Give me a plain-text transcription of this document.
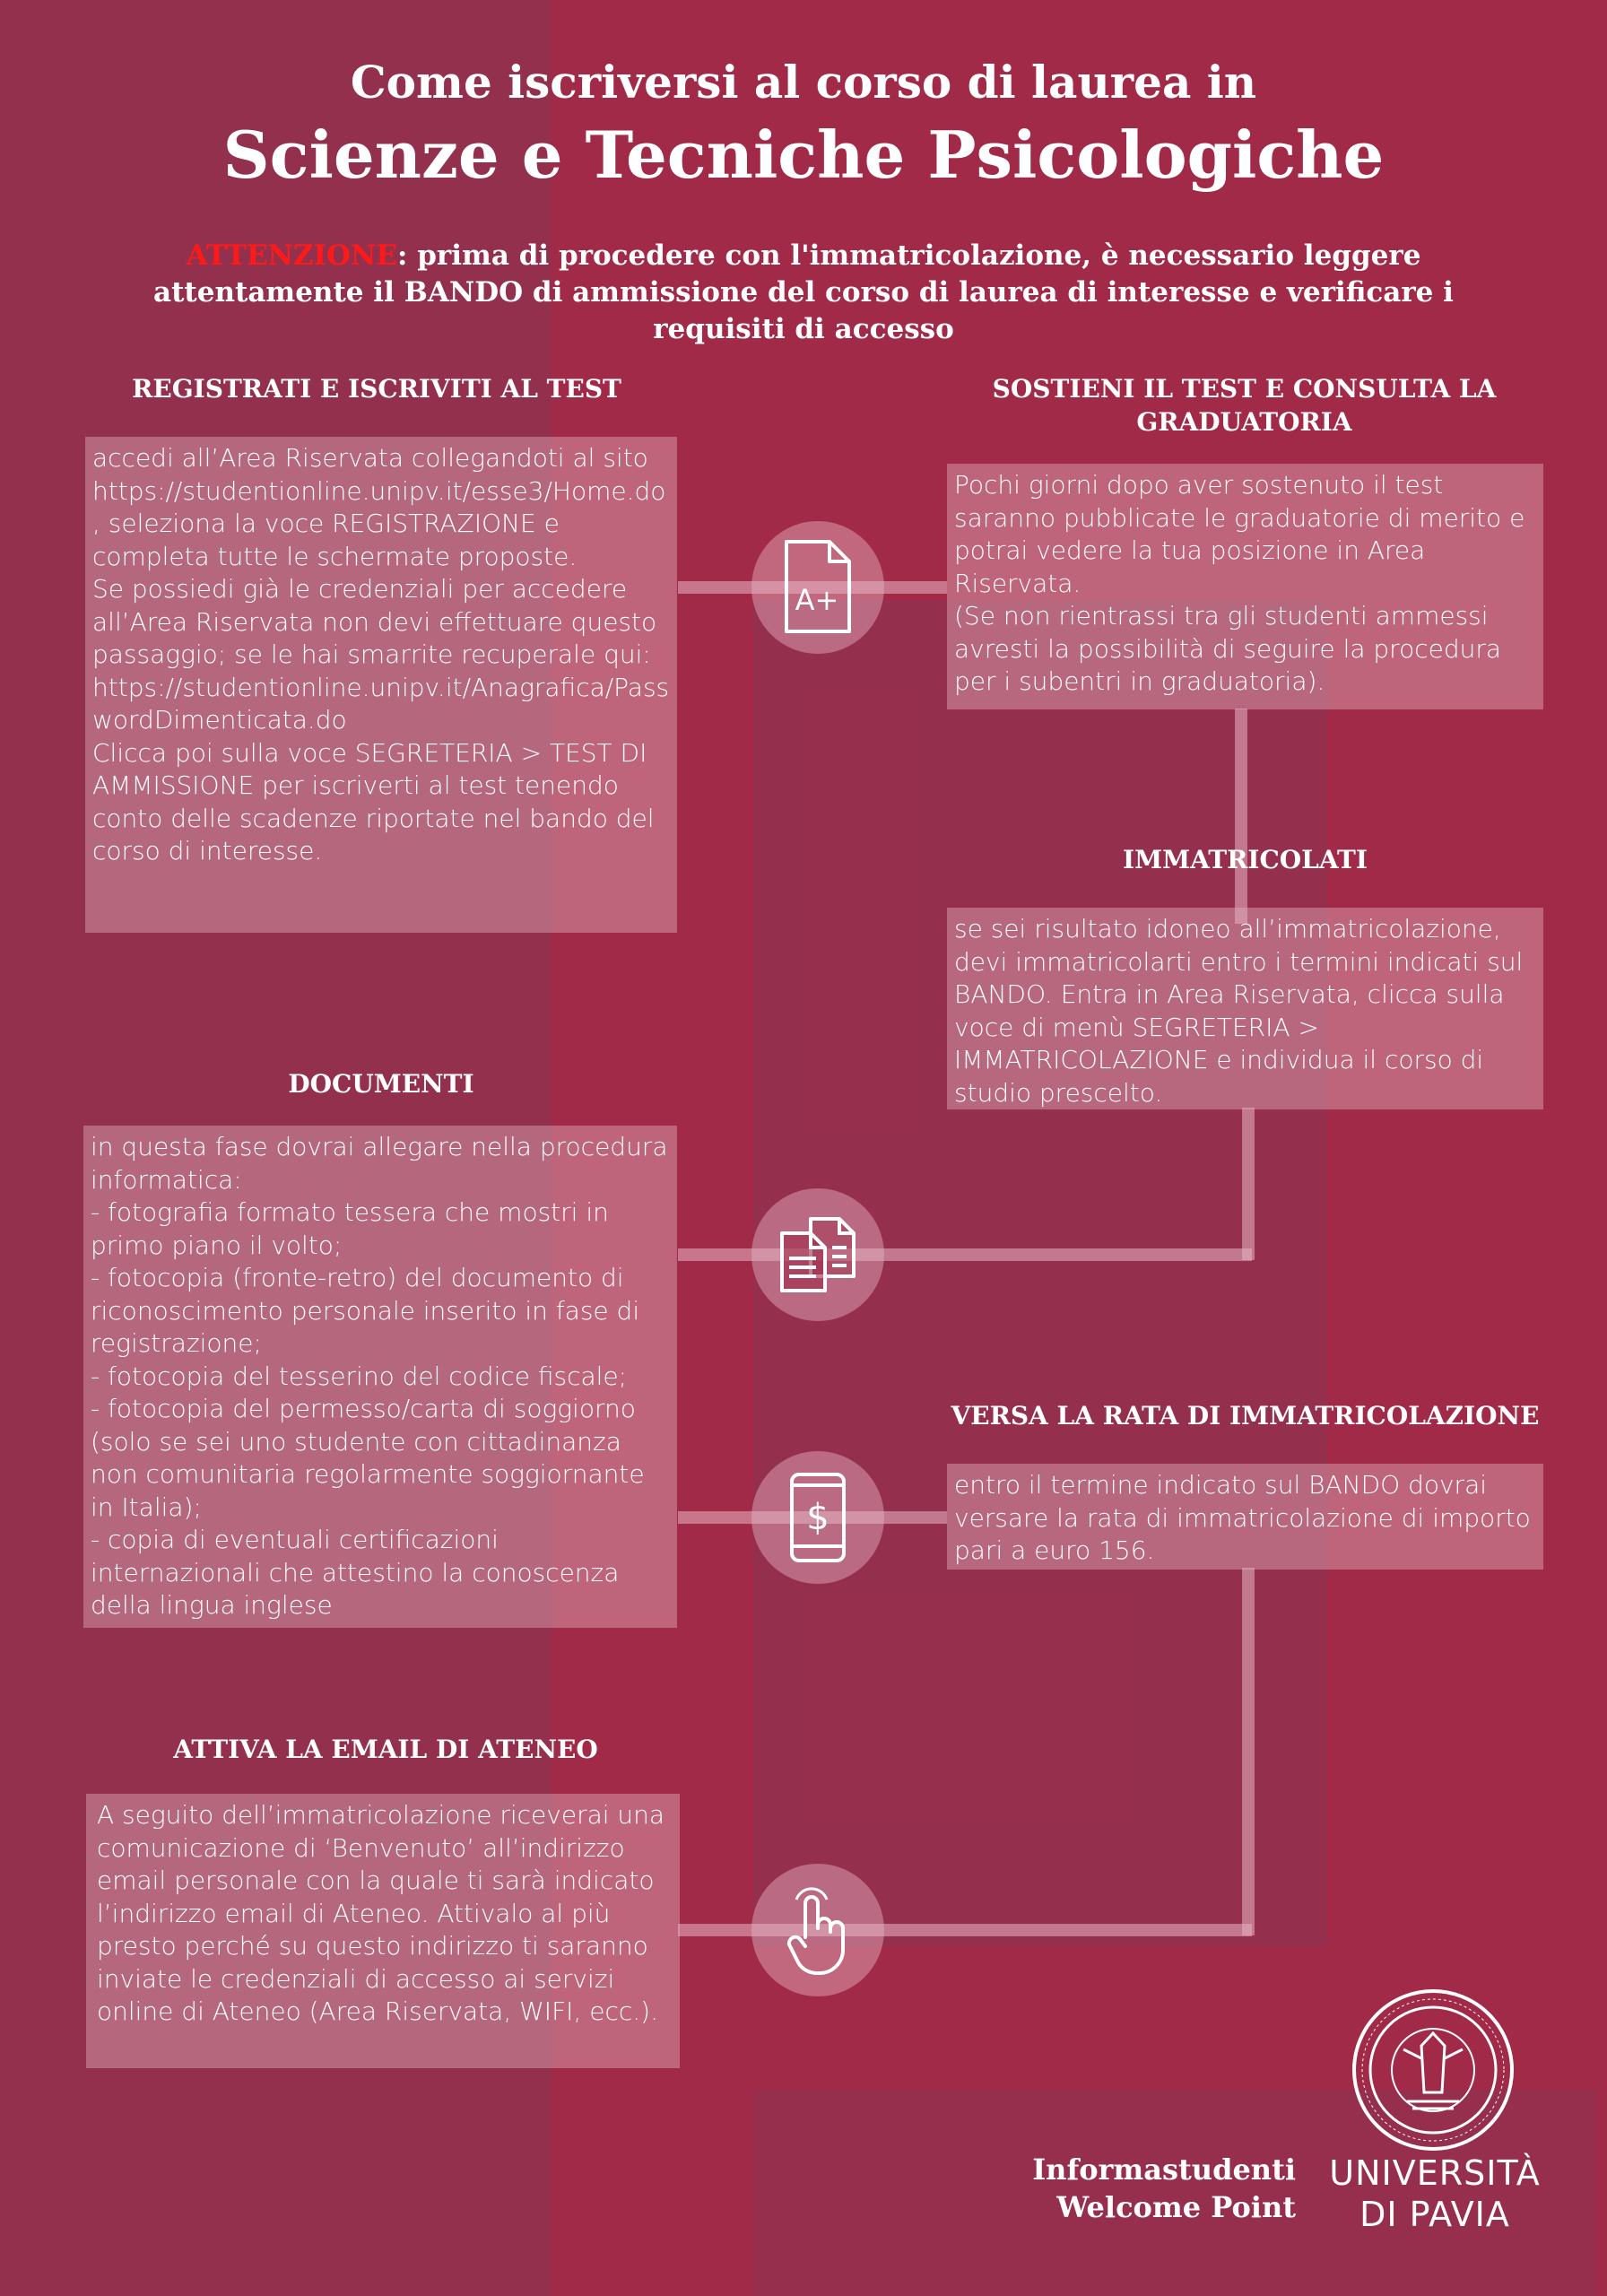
Come iscriversi al corso di laurea in
Scienze e Tecniche Psicologiche
ATTENZIONE: prima di procedere con l'immatricolazione, è necessario leggere attentamente il BANDO di ammissione del corso di laurea di interesse e verificare i requisiti di accesso
REGISTRATI E ISCRIVITI AL TEST
accedi all’Area Riservata collegandoti al sito
https://studentionline.unipv.it/esse3/Home.do , seleziona la voce REGISTRAZIONE e completa tutte le schermate proposte.
Se possiedi già le credenziali per accedere all’Area Riservata non devi effettuare questo passaggio; se le hai smarrite recuperale qui:
https://studentionline.unipv.it/Anagrafica/PasswordDimenticata.do
Clicca poi sulla voce SEGRETERIA > TEST DI AMMISSIONE per iscriverti al test tenendo conto delle scadenze riportate nel bando del corso di interesse.
SOSTIENI IL TEST E CONSULTA LA GRADUATORIA
Pochi giorni dopo aver sostenuto il test saranno pubblicate le graduatorie di merito e potrai vedere la tua posizione in Area Riservata.
(Se non rientrassi tra gli studenti ammessi avresti la possibilità di seguire la procedura per i subentri in graduatoria).
IMMATRICOLATI
se sei risultato idoneo all’immatricolazione, devi immatricolarti entro i termini indicati sul BANDO. Entra in Area Riservata, clicca sulla voce di menù SEGRETERIA > IMMATRICOLAZIONE e individua il corso di studio prescelto.
DOCUMENTI
in questa fase dovrai allegare nella procedura informatica:
- fotografia formato tessera che mostri in primo piano il volto;
- fotocopia (fronte-retro) del documento di riconoscimento personale inserito in fase di registrazione;
- fotocopia del tesserino del codice fiscale;
- fotocopia del permesso/carta di soggiorno (solo se sei uno studente con cittadinanza non comunitaria regolarmente soggiornante in Italia);
- copia di eventuali certificazioni internazionali che attestino la conoscenza della lingua inglese
VERSA LA RATA DI IMMATRICOLAZIONE
entro il termine indicato sul BANDO dovrai versare la rata di immatricolazione di importo pari a euro 156.
ATTIVA LA EMAIL DI ATENEO
A seguito dell’immatricolazione riceverai una comunicazione di ‘Benvenuto’ all’indirizzo email personale con la quale ti sarà indicato l’indirizzo email di Ateneo. Attivalo al più presto perché su questo indirizzo ti saranno inviate le credenziali di accesso ai servizi online di Ateneo (Area Riservata, WIFI, ecc.).
A+
$
Informastudenti
Welcome Point
UNIVERSITÀ
DI PAVIA
